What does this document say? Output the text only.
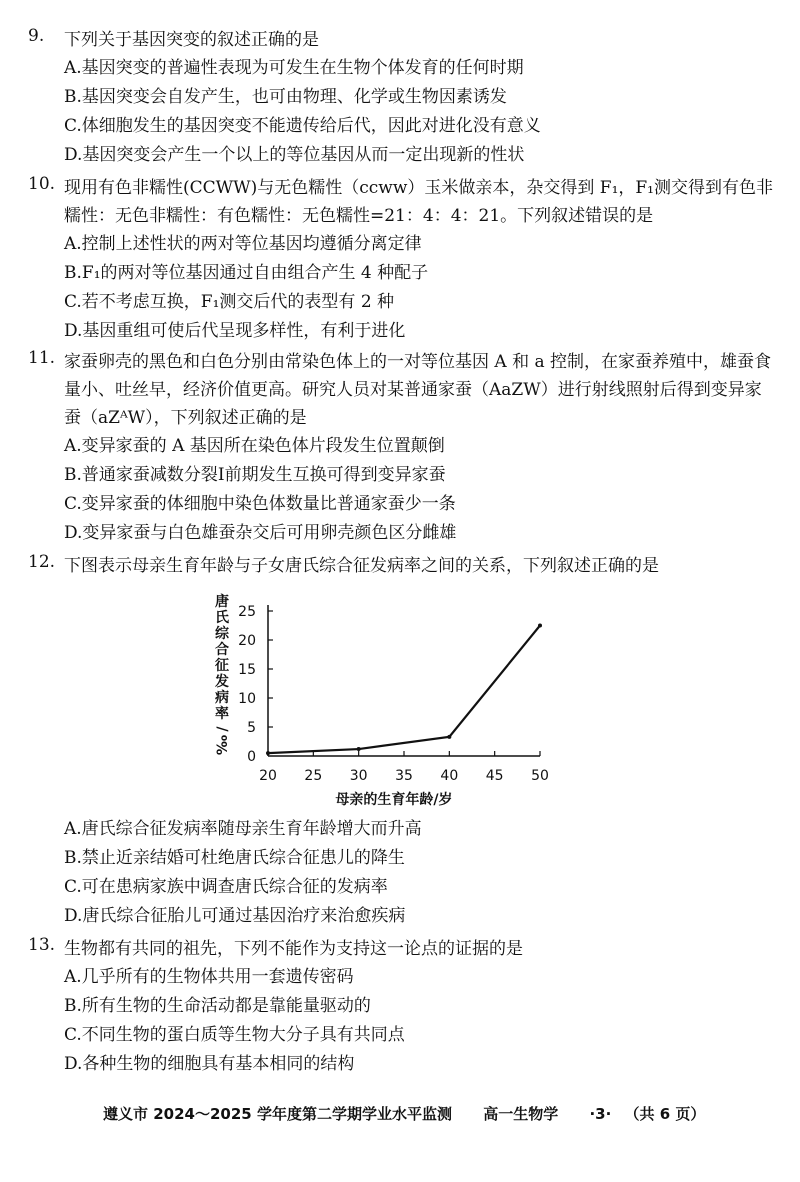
9.	下列关于基因突变的叙述正确的是
A.基因突变的普遍性表现为可发生在生物个体发育的任何时期
B.基因突变会自发产生，也可由物理、化学或生物因素诱发
C.体细胞发生的基因突变不能遗传给后代，因此对进化没有意义
D.基因突变会产生一个以上的等位基因从而一定出现新的性状
10. 现用有色非糯性(CCWW)与无色糯性（ccww）玉米做亲本，杂交得到 F₁，F₁测交得到有色非糯性：无色非糯性：有色糯性：无色糯性=21：4：4：21。下列叙述错误的是
A.控制上述性状的两对等位基因均遵循分离定律
B.F₁的两对等位基因通过自由组合产生 4 种配子
C.若不考虑互换，F₁测交后代的表型有 2 种
D.基因重组可使后代呈现多样性，有利于进化
11. 家蚕卵壳的黑色和白色分别由常染色体上的一对等位基因 A 和 a 控制，在家蚕养殖中，雄蚕食量小、吐丝早，经济价值更高。研究人员对某普通家蚕（AaZW）进行射线照射后得到变异家蚕（aZᴬW），下列叙述正确的是
A.变异家蚕的 A 基因所在染色体片段发生位置颠倒
B.普通家蚕减数分裂Ⅰ前期发生互换可得到变异家蚕
C.变异家蚕的体细胞中染色体数量比普通家蚕少一条
D.变异家蚕与白色雄蚕杂交后可用卵壳颜色区分雌雄
12. 下图表示母亲生育年龄与子女唐氏综合征发病率之间的关系，下列叙述正确的是
唐
氏
综
合
征
发
病
率
/
‰
0
5
10
15
20
25
20 25 30 35 40 45 50
母亲的生育年龄/岁
A.唐氏综合征发病率随母亲生育年龄增大而升高
B.禁止近亲结婚可杜绝唐氏综合征患儿的降生
C.可在患病家族中调查唐氏综合征的发病率
D.唐氏综合征胎儿可通过基因治疗来治愈疾病
13. 生物都有共同的祖先，下列不能作为支持这一论点的证据的是
A.几乎所有的生物体共用一套遗传密码
B.所有生物的生命活动都是靠能量驱动的
C.不同生物的蛋白质等生物大分子具有共同点
D.各种生物的细胞具有基本相同的结构
遵义市 2024～2025 学年度第二学期学业水平监测 高一生物学 ·3· （共 6 页）
